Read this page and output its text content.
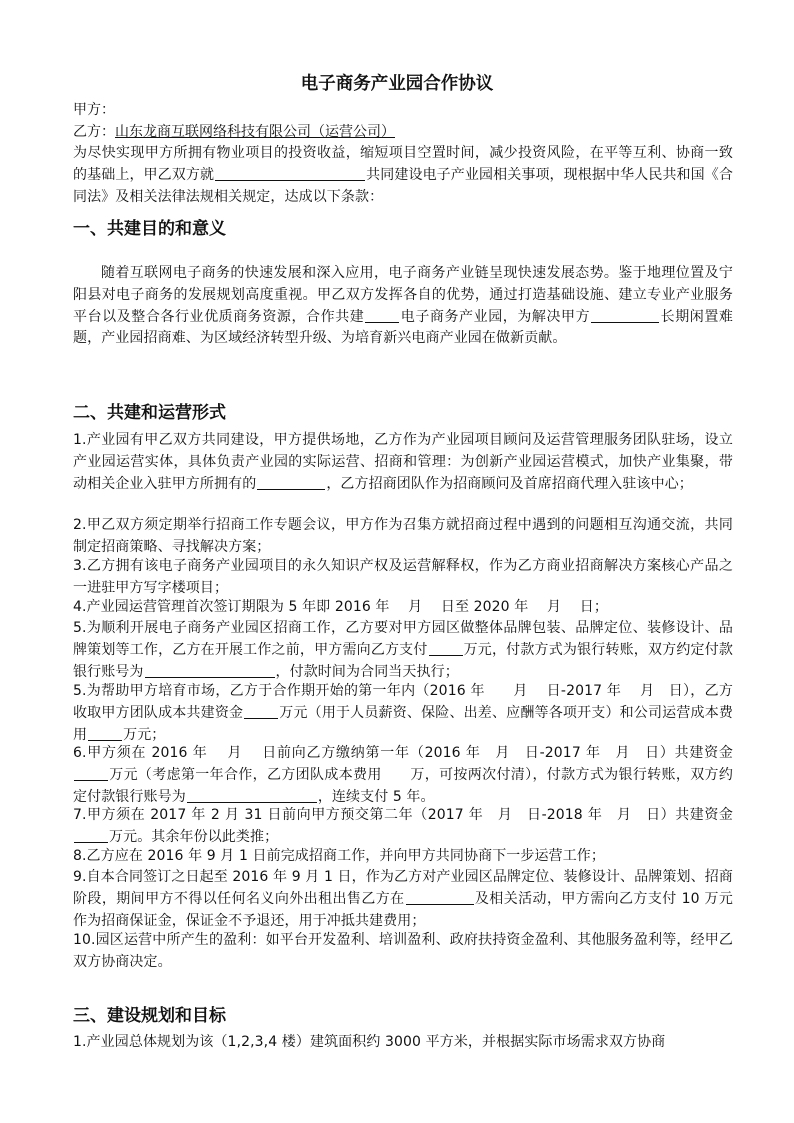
电子商务产业园合作协议
甲方：
乙方：山东龙商互联网络科技有限公司（运营公司）
为尽快实现甲方所拥有物业项目的投资收益，缩短项目空置时间，减少投资风险，在平等互利、协商一致的基础上，甲乙双方就	共同建设电子产业园相关事项，现根据中华人民共和国《合同法》及相关法律法规相关规定，达成以下条款：
一、共建目的和意义
随着互联网电子商务的快速发展和深入应用，电子商务产业链呈现快速发展态势。鉴于地理位置及宁阳县对电子商务的发展规划高度重视。甲乙双方发挥各自的优势，通过打造基础设施、建立专业产业服务平台以及整合各行业优质商务资源，合作共建	电子商务产业园，为解决甲方	长期闲置难题，产业园招商难、为区域经济转型升级、为培育新兴电商产业园在做新贡献。
二、共建和运营形式
1.产业园有甲乙双方共同建设，甲方提供场地，乙方作为产业园项目顾问及运营管理服务团队驻场，设立产业园运营实体，具体负责产业园的实际运营、招商和管理：为创新产业园运营模式，加快产业集聚，带动相关企业入驻甲方所拥有的	，乙方招商团队作为招商顾问及首席招商代理入驻该中心；
2.甲乙双方须定期举行招商工作专题会议，甲方作为召集方就招商过程中遇到的问题相互沟通交流，共同制定招商策略、寻找解决方案；
3.乙方拥有该电子商务产业园项目的永久知识产权及运营解释权，作为乙方商业招商解决方案核心产品之一进驻甲方写字楼项目；
4.产业园运营管理首次签订期限为 5 年即 2016 年　 月　 日至 2020 年　 月　 日；
5.为顺利开展电子商务产业园区招商工作，乙方要对甲方园区做整体品牌包装、品牌定位、装修设计、品牌策划等工作，乙方在开展工作之前，甲方需向乙方支付	万元，付款方式为银行转账，双方约定付款银行账号为	，付款时间为合同当天执行；
5.为帮助甲方培育市场，乙方于合作期开始的第一年内（2016 年　　月　 日-2017 年　 月　日），乙方收取甲方团队成本共建资金	万元（用于人员薪资、保险、出差、应酬等各项开支）和公司运营成本费用	万元；
6.甲方须在 2016 年　 月　 日前向乙方缴纳第一年（2016 年　月　日-2017 年　月　日）共建资金万元（考虑第一年合作，乙方团队成本费用　　万，可按两次付清），付款方式为银行转账，双方约定付款银行账号为	，连续支付 5 年。
7.甲方须在 2017 年 2 月 31 日前向甲方预交第二年（2017 年　月　日-2018 年　月　日）共建资金万元。其余年份以此类推；
8.乙方应在 2016 年 9 月 1 日前完成招商工作，并向甲方共同协商下一步运营工作；
9.自本合同签订之日起至 2016 年 9 月 1 日，作为乙方对产业园区品牌定位、装修设计、品牌策划、招商阶段，期间甲方不得以任何名义向外出租出售乙方在	及相关活动，甲方需向乙方支付 10 万元作为招商保证金，保证金不予退还，用于冲抵共建费用；
10.园区运营中所产生的盈利：如平台开发盈利、培训盈利、政府扶持资金盈利、其他服务盈利等，经甲乙双方协商决定。
三、建设规划和目标
1.产业园总体规划为该（1,2,3,4 楼）建筑面积约 3000 平方米，并根据实际市场需求双方协商
